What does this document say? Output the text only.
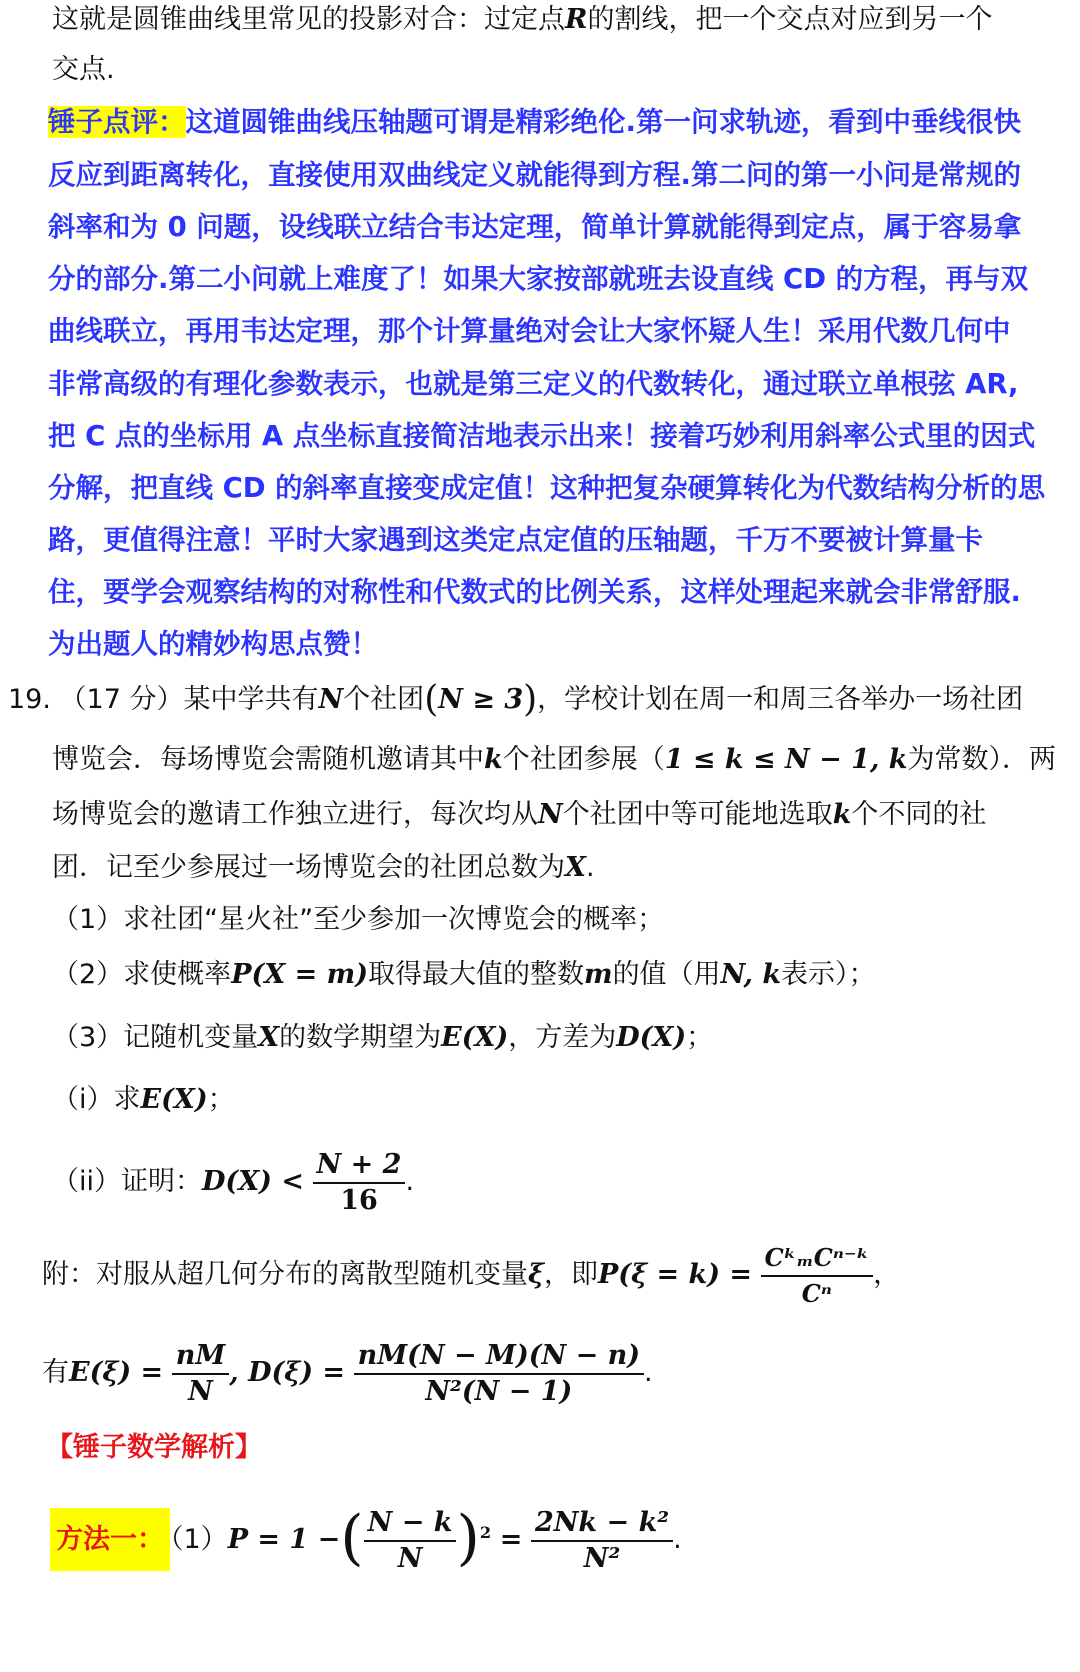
这就是圆锥曲线里常见的投影对合：过定点R的割线，把一个交点对应到另一个
交点.
锤子点评：这道圆锥曲线压轴题可谓是精彩绝伦.第一问求轨迹，看到中垂线很快
反应到距离转化，直接使用双曲线定义就能得到方程.第二问的第一小问是常规的
斜率和为 0 问题，设线联立结合韦达定理，简单计算就能得到定点，属于容易拿
分的部分.第二小问就上难度了！如果大家按部就班去设直线 CD 的方程，再与双
曲线联立，再用韦达定理，那个计算量绝对会让大家怀疑人生！采用代数几何中
非常高级的有理化参数表示，也就是第三定义的代数转化，通过联立单根弦 AR,
把 C 点的坐标用 A 点坐标直接简洁地表示出来！接着巧妙利用斜率公式里的因式
分解，把直线 CD 的斜率直接变成定值！这种把复杂硬算转化为代数结构分析的思
路，更值得注意！平时大家遇到这类定点定值的压轴题，千万不要被计算量卡
住，要学会观察结构的对称性和代数式的比例关系，这样处理起来就会非常舒服.
为出题人的精妙构思点赞！
19. （17 分）某中学共有N个社团(N ≥ 3)，学校计划在周一和周三各举办一场社团
博览会．每场博览会需随机邀请其中k个社团参展（1 ≤ k ≤ N − 1, k为常数）．两
场博览会的邀请工作独立进行，每次均从N个社团中等可能地选取k个不同的社
团．记至少参展过一场博览会的社团总数为X.
（1）求社团“星火社”至少参加一次博览会的概率；
（2）求使概率P(X = m)取得最大值的整数m的值（用N, k表示）；
（3）记随机变量X的数学期望为E(X)，方差为D(X)；
（i）求E(X)；
（ii）证明：$D(X) < \frac{N + 2}{16}$ .
附：对服从超几何分布的离散型随机变量ξ，即$P(\xi = k) = \frac{\text{CᵏₘCⁿ⁻ᵏ}}{\text{Cⁿ}}$ ，
有$E(\xi) = \frac{nM}{N}$ , $D(\xi) = \frac{nM(N - M)(N - n)}{\text{N²(N − 1)}}$ .
【锤子数学解析】
方法一： （1）P = 1 −( $\frac{N - k}{N} )^2 = \frac{\text{2Nk − k²}}{\text{N²}}$ .
